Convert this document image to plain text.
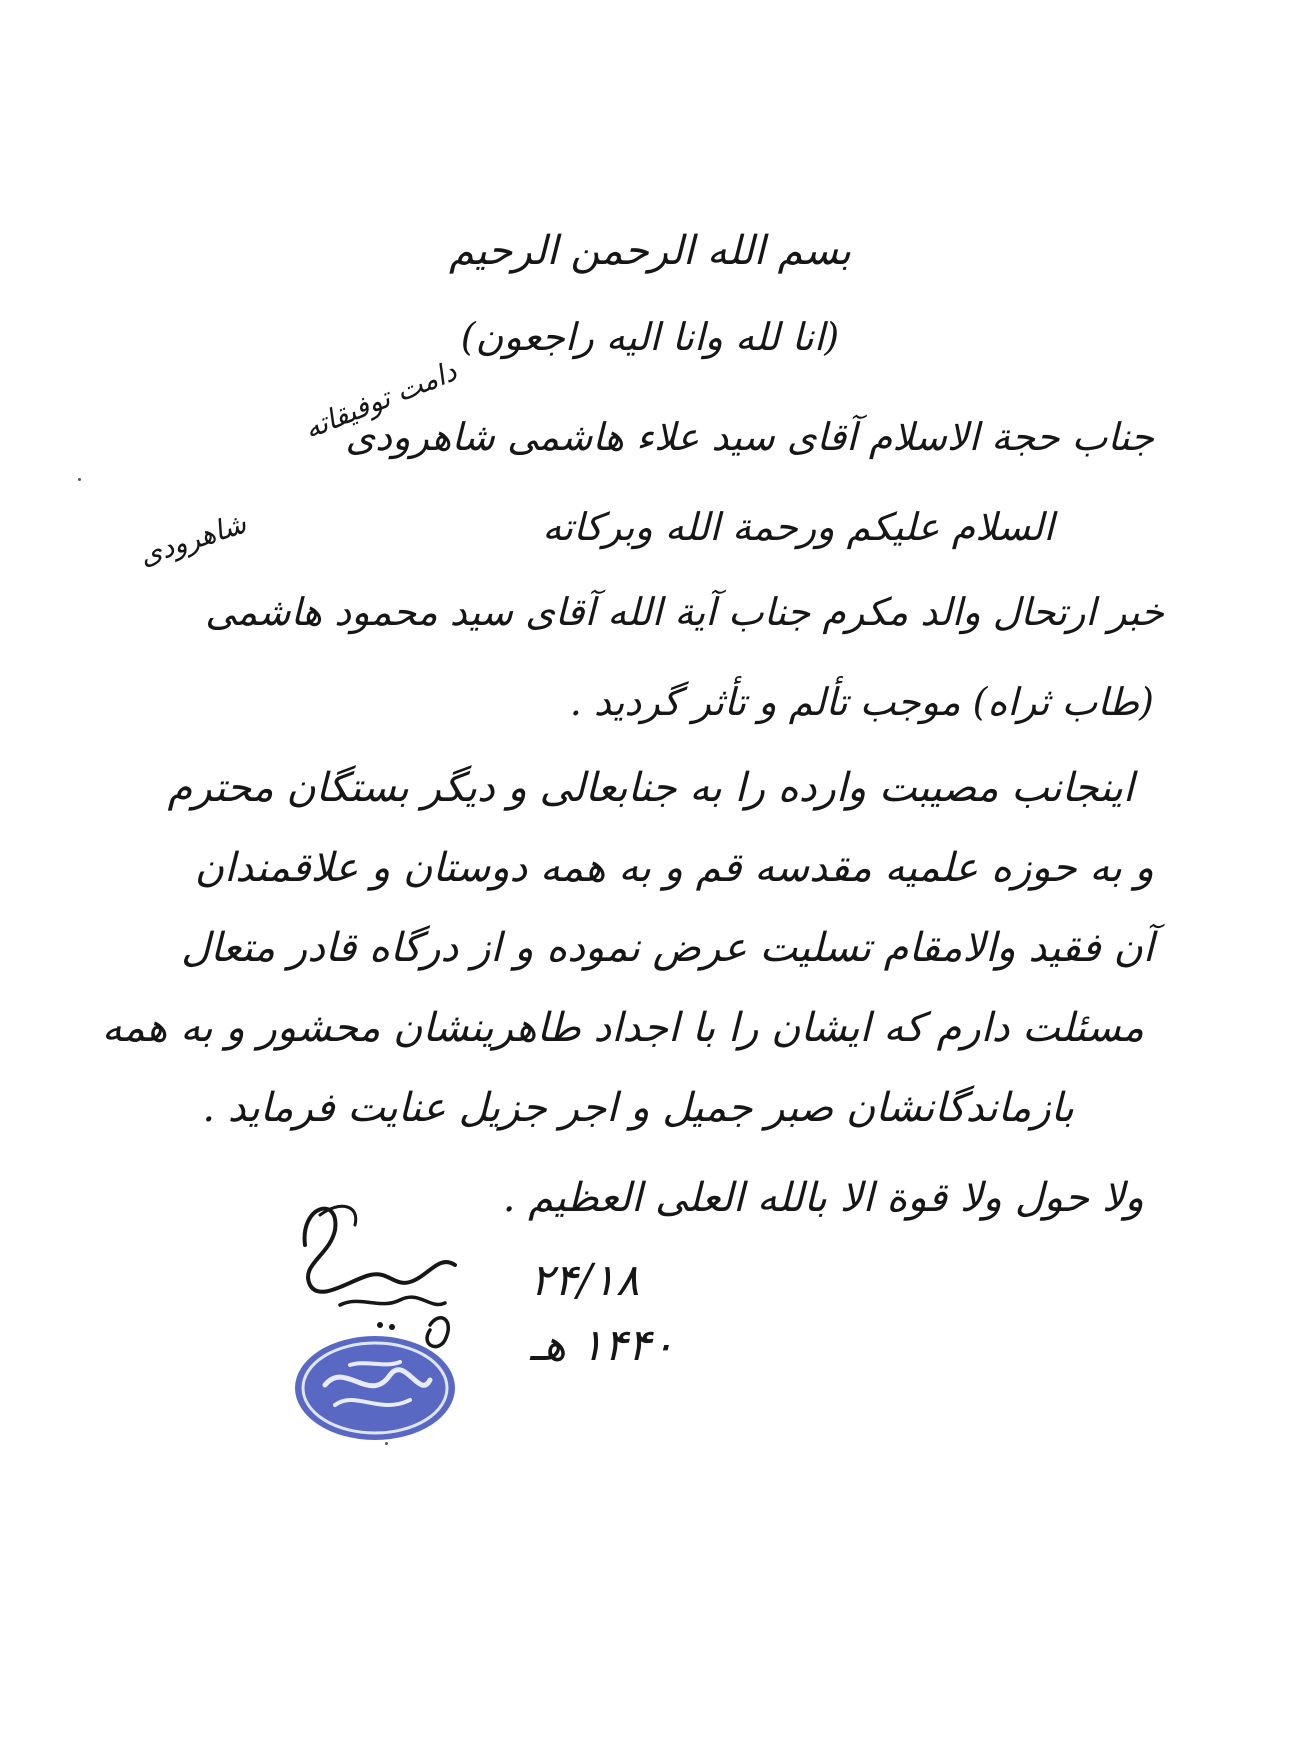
بسم الله الرحمن الرحیم
(انا لله وانا الیه راجعون)
جناب حجة الاسلام آقای سید علاء هاشمی شاهرودی
دامت توفیقاته
السلام علیکم ورحمة الله وبرکاته
خبر ارتحال والد مکرم جناب آیة الله آقای سید محمود هاشمی
شاهرودی
(طاب ثراه) موجب تألم و تأثر گردید .
اینجانب مصیبت وارده را به جنابعالی و دیگر بستگان محترم
و به حوزه علمیه مقدسه قم و به همه دوستان و علاقمندان
آن فقید والامقام تسلیت عرض نموده و از درگاه قادر متعال
مسئلت دارم که ایشان را با اجداد طاهرینشان محشور و به همه
بازماندگانشان صبر جمیل و اجر جزیل عنایت فرماید .
ولا حول ولا قوة الا بالله العلی العظیم .
۲۴/۱۸
۱۴۴۰ هـ
